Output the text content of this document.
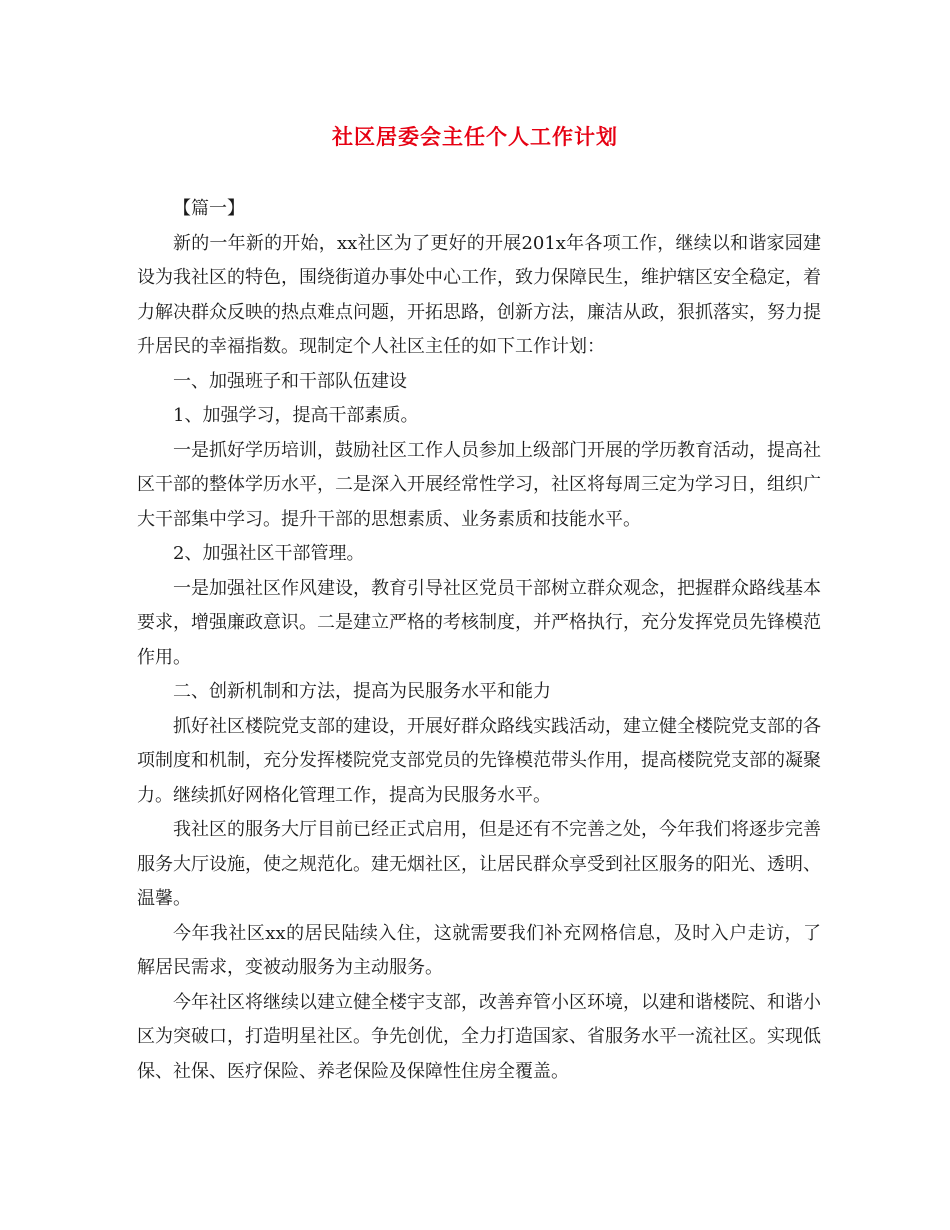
社区居委会主任个人工作计划

【篇一】

新的一年新的开始，xx社区为了更好的开展201x年各项工作，继续以和谐家园建设为我社区的特色，围绕街道办事处中心工作，致力保障民生，维护辖区安全稳定，着力解决群众反映的热点难点问题，开拓思路，创新方法，廉洁从政，狠抓落实，努力提升居民的幸福指数。现制定个人社区主任的如下工作计划：

一、加强班子和干部队伍建设

1、加强学习，提高干部素质。

一是抓好学历培训，鼓励社区工作人员参加上级部门开展的学历教育活动，提高社区干部的整体学历水平，二是深入开展经常性学习，社区将每周三定为学习日，组织广大干部集中学习。提升干部的思想素质、业务素质和技能水平。

2、加强社区干部管理。

一是加强社区作风建设，教育引导社区党员干部树立群众观念，把握群众路线基本要求，增强廉政意识。二是建立严格的考核制度，并严格执行，充分发挥党员先锋模范作用。

二、创新机制和方法，提高为民服务水平和能力

抓好社区楼院党支部的建设，开展好群众路线实践活动，建立健全楼院党支部的各项制度和机制，充分发挥楼院党支部党员的先锋模范带头作用，提高楼院党支部的凝聚力。继续抓好网格化管理工作，提高为民服务水平。

我社区的服务大厅目前已经正式启用，但是还有不完善之处，今年我们将逐步完善服务大厅设施，使之规范化。建无烟社区，让居民群众享受到社区服务的阳光、透明、温馨。

今年我社区xx的居民陆续入住，这就需要我们补充网格信息，及时入户走访，了解居民需求，变被动服务为主动服务。

今年社区将继续以建立健全楼宇支部，改善弃管小区环境，以建和谐楼院、和谐小区为突破口，打造明星社区。争先创优，全力打造国家、省服务水平一流社区。实现低保、社保、医疗保险、养老保险及保障性住房全覆盖。
